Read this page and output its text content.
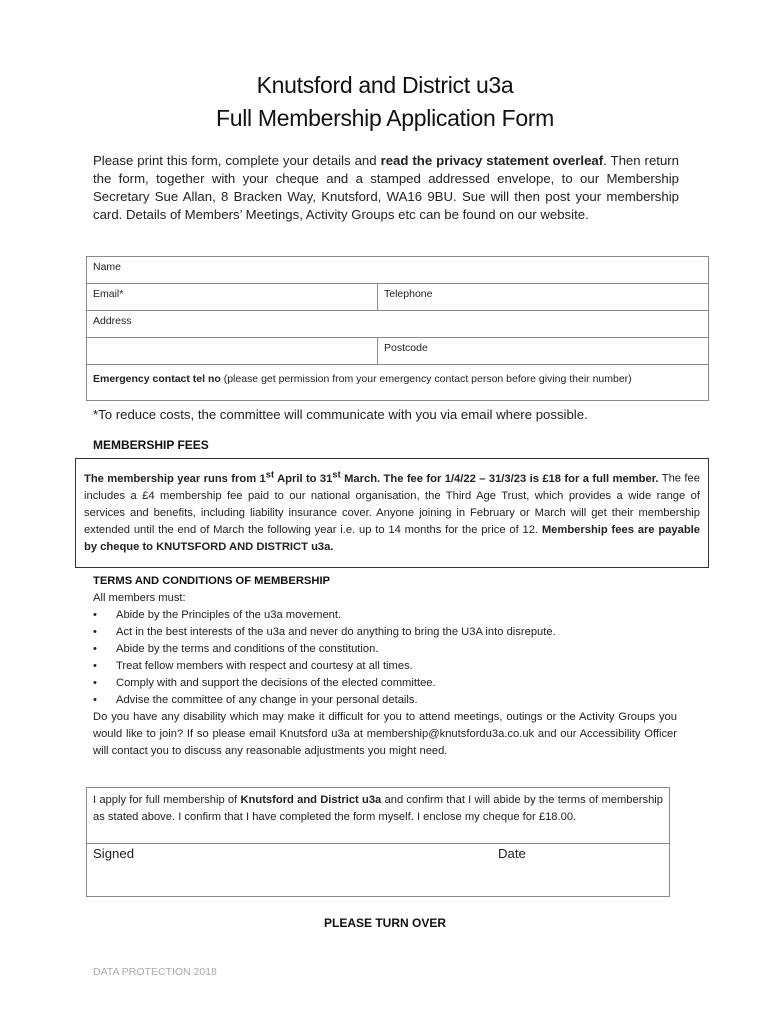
Knutsford and District u3a
Full Membership Application Form
Please print this form, complete your details and read the privacy statement overleaf. Then return the form, together with your cheque and a stamped addressed envelope, to our Membership Secretary Sue Allan, 8 Bracken Way, Knutsford, WA16 9BU. Sue will then post your membership card. Details of Members’ Meetings, Activity Groups etc can be found on our website.
Name	
Email*	Telephone
Address	
	Postcode
Emergency contact tel no (please get permission from your emergency contact person before giving their number)	
*To reduce costs, the committee will communicate with you via email where possible.
MEMBERSHIP FEES
The membership year runs from 1st April to 31st March. The fee for 1/4/22 – 31/3/23 is £18 for a full member. The fee includes a £4 membership fee paid to our national organisation, the Third Age Trust, which provides a wide range of services and benefits, including liability insurance cover. Anyone joining in February or March will get their membership extended until the end of March the following year i.e. up to 14 months for the price of 12. Membership fees are payable by cheque to KNUTSFORD AND DISTRICT u3a.
TERMS AND CONDITIONS OF MEMBERSHIP
All members must:
• Abide by the Principles of the u3a movement.
• Act in the best interests of the u3a and never do anything to bring the U3A into disrepute.
• Abide by the terms and conditions of the constitution.
• Treat fellow members with respect and courtesy at all times.
• Comply with and support the decisions of the elected committee.
• Advise the committee of any change in your personal details.
Do you have any disability which may make it difficult for you to attend meetings, outings or the Activity Groups you would like to join? If so please email Knutsford u3a at membership@knutsfordu3a.co.uk and our Accessibility Officer will contact you to discuss any reasonable adjustments you might need.
I apply for full membership of Knutsford and District u3a and confirm that I will abide by the terms of membership as stated above. I confirm that I have completed the form myself. I enclose my cheque for £18.00.
Signed	Date
PLEASE TURN OVER
DATA PROTECTION 2018
